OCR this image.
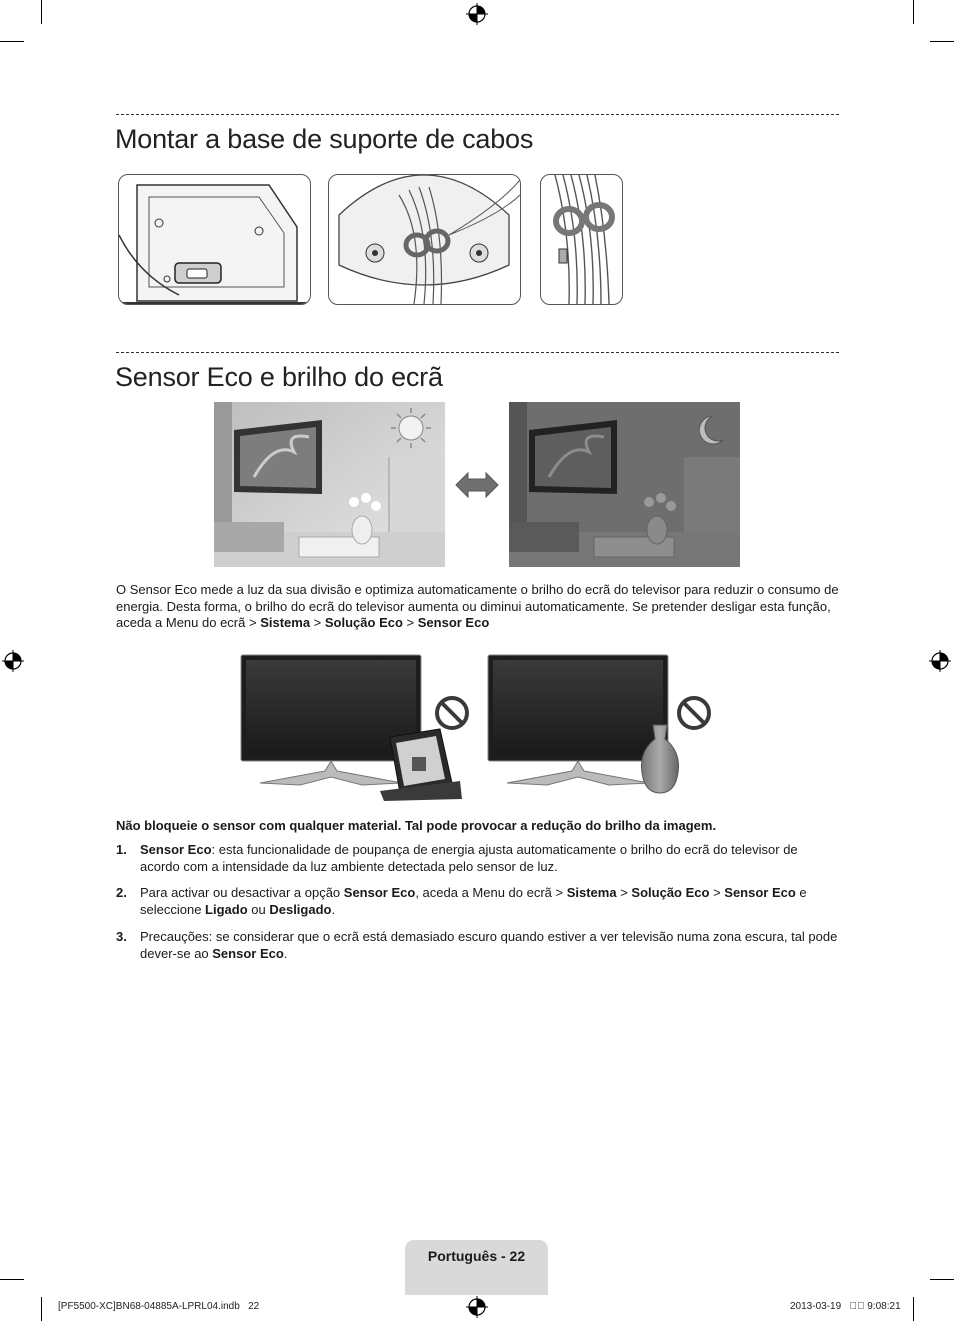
Montar a base de suporte de cabos
Sensor Eco e brilho do ecrã

O Sensor Eco mede a luz da sua divisão e optimiza automaticamente o brilho do ecrã do televisor para reduzir o consumo de energia. Desta forma, o brilho do ecrã do televisor aumenta ou diminui automaticamente. Se pretender desligar esta função, aceda a Menu do ecrã > Sistema > Solução Eco > Sensor Eco

Não bloqueie o sensor com qualquer material. Tal pode provocar a redução do brilho da imagem.

1. Sensor Eco: esta funcionalidade de poupança de energia ajusta automaticamente o brilho do ecrã do televisor de acordo com a intensidade da luz ambiente detectada pelo sensor de luz.
2. Para activar ou desactivar a opção Sensor Eco, aceda a Menu do ecrã > Sistema > Solução Eco > Sensor Eco e seleccione Ligado ou Desligado.
3. Precauções: se considerar que o ecrã está demasiado escuro quando estiver a ver televisão numa zona escura, tal pode dever-se ao Sensor Eco.
Português - 22
[PF5500-XC]BN68-04885A-LPRL04.indb   22	2013-03-19   ￿￿ 9:08:21
